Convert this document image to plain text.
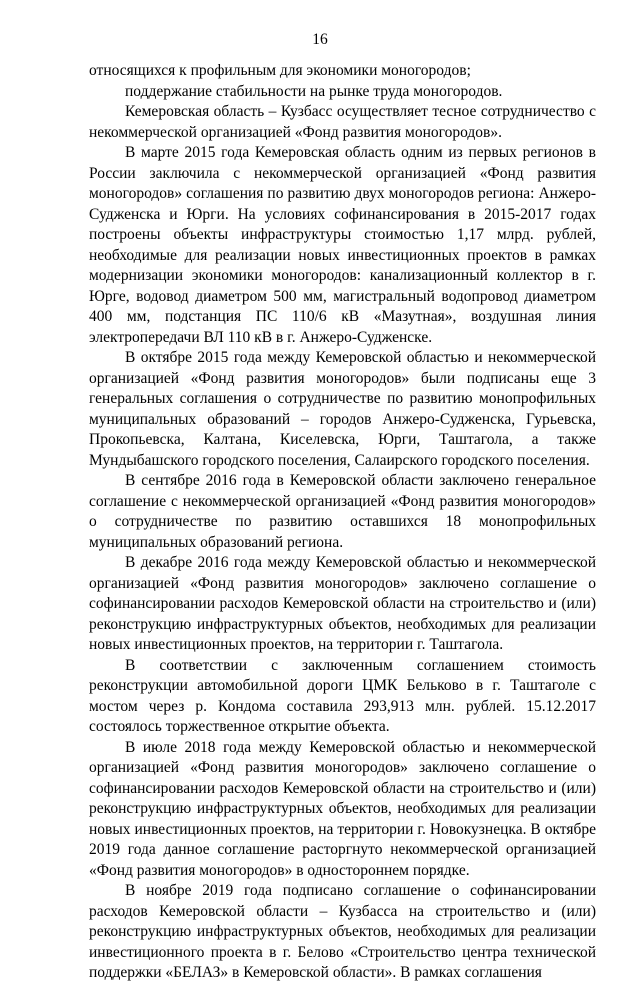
16

относящихся к профильным для экономики моногородов;

поддержание стабильности на рынке труда моногородов.

Кемеровская область – Кузбасс осуществляет тесное сотрудничество с некоммерческой организацией «Фонд развития моногородов».

В марте 2015 года Кемеровская область одним из первых регионов в России заключила с некоммерческой организацией «Фонд развития моногородов» соглашения по развитию двух моногородов региона: Анжеро-Судженска и Юрги. На условиях софинансирования в 2015-2017 годах построены объекты инфраструктуры стоимостью 1,17 млрд. рублей, необходимые для реализации новых инвестиционных проектов в рамках модернизации экономики моногородов: канализационный коллектор в г. Юрге, водовод диаметром 500 мм, магистральный водопровод диаметром 400 мм, подстанция ПС 110/6 кВ «Мазутная», воздушная линия электропередачи ВЛ 110 кВ в г. Анжеро-Судженске.

В октябре 2015 года между Кемеровской областью и некоммерческой организацией «Фонд развития моногородов» были подписаны еще 3 генеральных соглашения о сотрудничестве по развитию монопрофильных муниципальных образований – городов Анжеро-Судженска, Гурьевска, Прокопьевска, Калтана, Киселевска, Юрги, Таштагола, а также Мундыбашского городского поселения, Салаирского городского поселения.

В сентябре 2016 года в Кемеровской области заключено генеральное соглашение с некоммерческой организацией «Фонд развития моногородов» о сотрудничестве по развитию оставшихся 18 монопрофильных муниципальных образований региона.

В декабре 2016 года между Кемеровской областью и некоммерческой организацией «Фонд развития моногородов» заключено соглашение о софинансировании расходов Кемеровской области на строительство и (или) реконструкцию инфраструктурных объектов, необходимых для реализации новых инвестиционных проектов, на территории г. Таштагола.

В соответствии с заключенным соглашением стоимость реконструкции автомобильной дороги ЦМК Бельково в г. Таштаголе с мостом через р. Кондома составила 293,913 млн. рублей. 15.12.2017 состоялось торжественное открытие объекта.

В июле 2018 года между Кемеровской областью и некоммерческой организацией «Фонд развития моногородов» заключено соглашение о софинансировании расходов Кемеровской области на строительство и (или) реконструкцию инфраструктурных объектов, необходимых для реализации новых инвестиционных проектов, на территории г. Новокузнецка. В октябре 2019 года данное соглашение расторгнуто некоммерческой организацией «Фонд развития моногородов» в одностороннем порядке.

В ноябре 2019 года подписано соглашение о софинансировании расходов Кемеровской области – Кузбасса на строительство и (или) реконструкцию инфраструктурных объектов, необходимых для реализации инвестиционного проекта в г. Белово «Строительство центра технической поддержки «БЕЛАЗ» в Кемеровской области». В рамках соглашения
